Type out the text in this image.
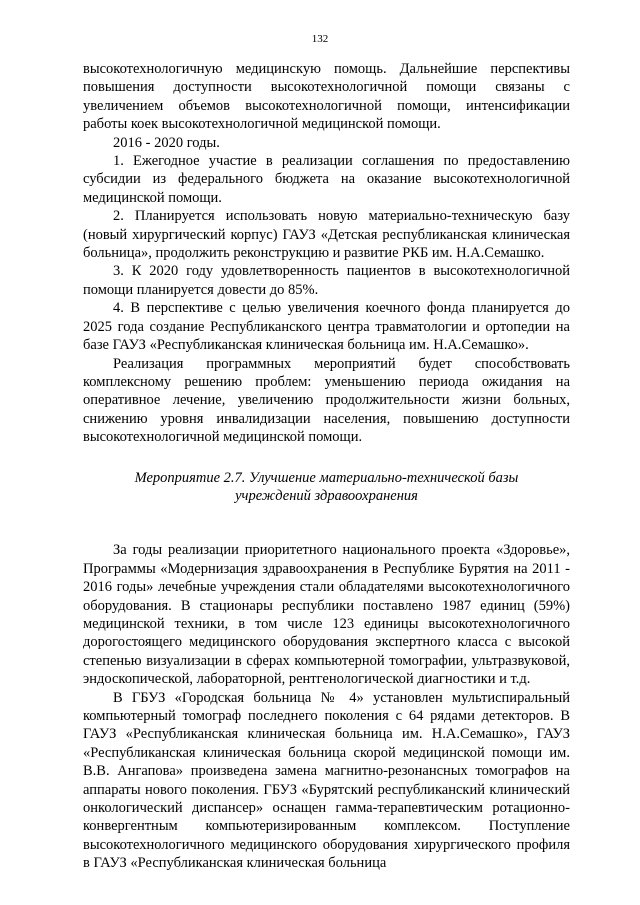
132

высокотехнологичную медицинскую помощь. Дальнейшие перспективы повышения доступности высокотехнологичной помощи связаны с увеличением объемов высокотехнологичной помощи, интенсификации работы коек высокотехнологичной медицинской помощи.

2016 - 2020 годы.

1. Ежегодное участие в реализации соглашения по предоставлению субсидии из федерального бюджета на оказание высокотехнологичной медицинской помощи.

2. Планируется использовать новую материально-техническую базу (новый хирургический корпус) ГАУЗ «Детская республиканская клиническая больница», продолжить реконструкцию и развитие РКБ им. Н.А.Семашко.

3. К 2020 году удовлетворенность пациентов в высокотехнологичной помощи планируется довести до 85%.

4. В перспективе с целью увеличения коечного фонда планируется до 2025 года создание Республиканского центра травматологии и ортопедии на базе ГАУЗ «Республиканская клиническая больница им. Н.А.Семашко».

Реализация программных мероприятий будет способствовать комплексному решению проблем: уменьшению периода ожидания на оперативное лечение, увеличению продолжительности жизни больных, снижению уровня инвалидизации населения, повышению доступности высокотехнологичной медицинской помощи.

Мероприятие 2.7. Улучшение материально-технической базы
учреждений здравоохранения

За годы реализации приоритетного национального проекта «Здоровье», Программы «Модернизация здравоохранения в Республике Бурятия на 2011 - 2016 годы» лечебные учреждения стали обладателями высокотехнологичного оборудования. В стационары республики поставлено 1987 единиц (59%) медицинской техники, в том числе 123 единицы высокотехнологичного дорогостоящего медицинского оборудования экспертного класса с высокой степенью визуализации в сферах компьютерной томографии, ультразвуковой, эндоскопической, лабораторной, рентгенологической диагностики и т.д.

В ГБУЗ «Городская больница № 4» установлен мультиспиральный компьютерный томограф последнего поколения с 64 рядами детекторов. В ГАУЗ «Республиканская клиническая больница им. Н.А.Семашко», ГАУЗ «Республиканская клиническая больница скорой медицинской помощи им. В.В. Ангапова» произведена замена магнитно-резонансных томографов на аппараты нового поколения. ГБУЗ «Бурятский республиканский клинический онкологический диспансер» оснащен гамма-терапевтическим ротационно-конвергентным компьютеризированным комплексом. Поступление высокотехнологичного медицинского оборудования хирургического профиля в ГАУЗ «Республиканская клиническая больница
